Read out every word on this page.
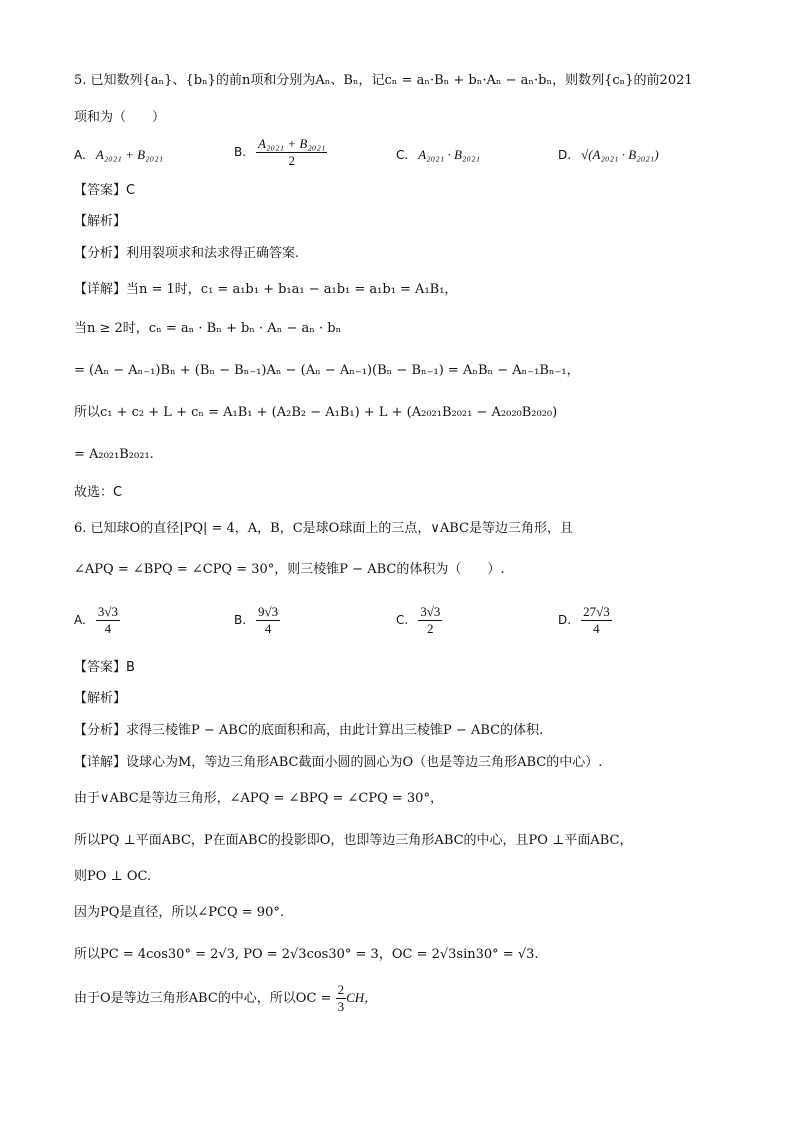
5. 已知数列{aₙ}、{bₙ}的前n项和分别为Aₙ、Bₙ，记cₙ = aₙ·Bₙ + bₙ·Aₙ − aₙ·bₙ，则数列{cₙ}的前2021
项和为（　　）
A. A₂₀₂₁ + B₂₀₂₁	B. $\frac{\text{A₂₀₂₁ + B₂₀₂₁}}{2}$	C. A₂₀₂₁ · B₂₀₂₁	D. √(A₂₀₂₁ · B₂₀₂₁)
【答案】C
【解析】
【分析】利用裂项求和法求得正确答案.
【详解】当n = 1时，c₁ = a₁b₁ + b₁a₁ − a₁b₁ = a₁b₁ = A₁B₁，
当n ≥ 2时，cₙ = aₙ · Bₙ + bₙ · Aₙ − aₙ · bₙ
= (Aₙ − Aₙ₋₁)Bₙ + (Bₙ − Bₙ₋₁)Aₙ − (Aₙ − Aₙ₋₁)(Bₙ − Bₙ₋₁) = AₙBₙ − Aₙ₋₁Bₙ₋₁，
所以c₁ + c₂ + L + cₙ = A₁B₁ + (A₂B₂ − A₁B₁) + L + (A₂₀₂₁B₂₀₂₁ − A₂₀₂₀B₂₀₂₀)
= A₂₀₂₁B₂₀₂₁.
故选：C
6. 已知球O的直径|PQ| = 4，A，B，C是球O球面上的三点，∨ABC是等边三角形，且
∠APQ = ∠BPQ = ∠CPQ = 30°，则三棱锥P − ABC的体积为（　　）.
A. $\frac{3√3}{4}$	B. $\frac{9√3}{4}$	C. $\frac{3√3}{2}$	D. $\frac{27√3}{4}$
【答案】B
【解析】
【分析】求得三棱锥P − ABC的底面积和高，由此计算出三棱锥P − ABC的体积.
【详解】设球心为M，等边三角形ABC截面小圆的圆心为O（也是等边三角形ABC的中心）.
由于∨ABC是等边三角形，∠APQ = ∠BPQ = ∠CPQ = 30°，
所以PQ ⊥平面ABC，P在面ABC的投影即O，也即等边三角形ABC的中心，且PO ⊥平面ABC，
则PO ⊥ OC.
因为PQ是直径，所以∠PCQ = 90°.
所以PC = 4cos30° = 2√3, PO = 2√3cos30° = 3，OC = 2√3sin30° = √3.
由于O是等边三角形ABC的中心，所以OC = $\frac{2}{3}$ CH，
